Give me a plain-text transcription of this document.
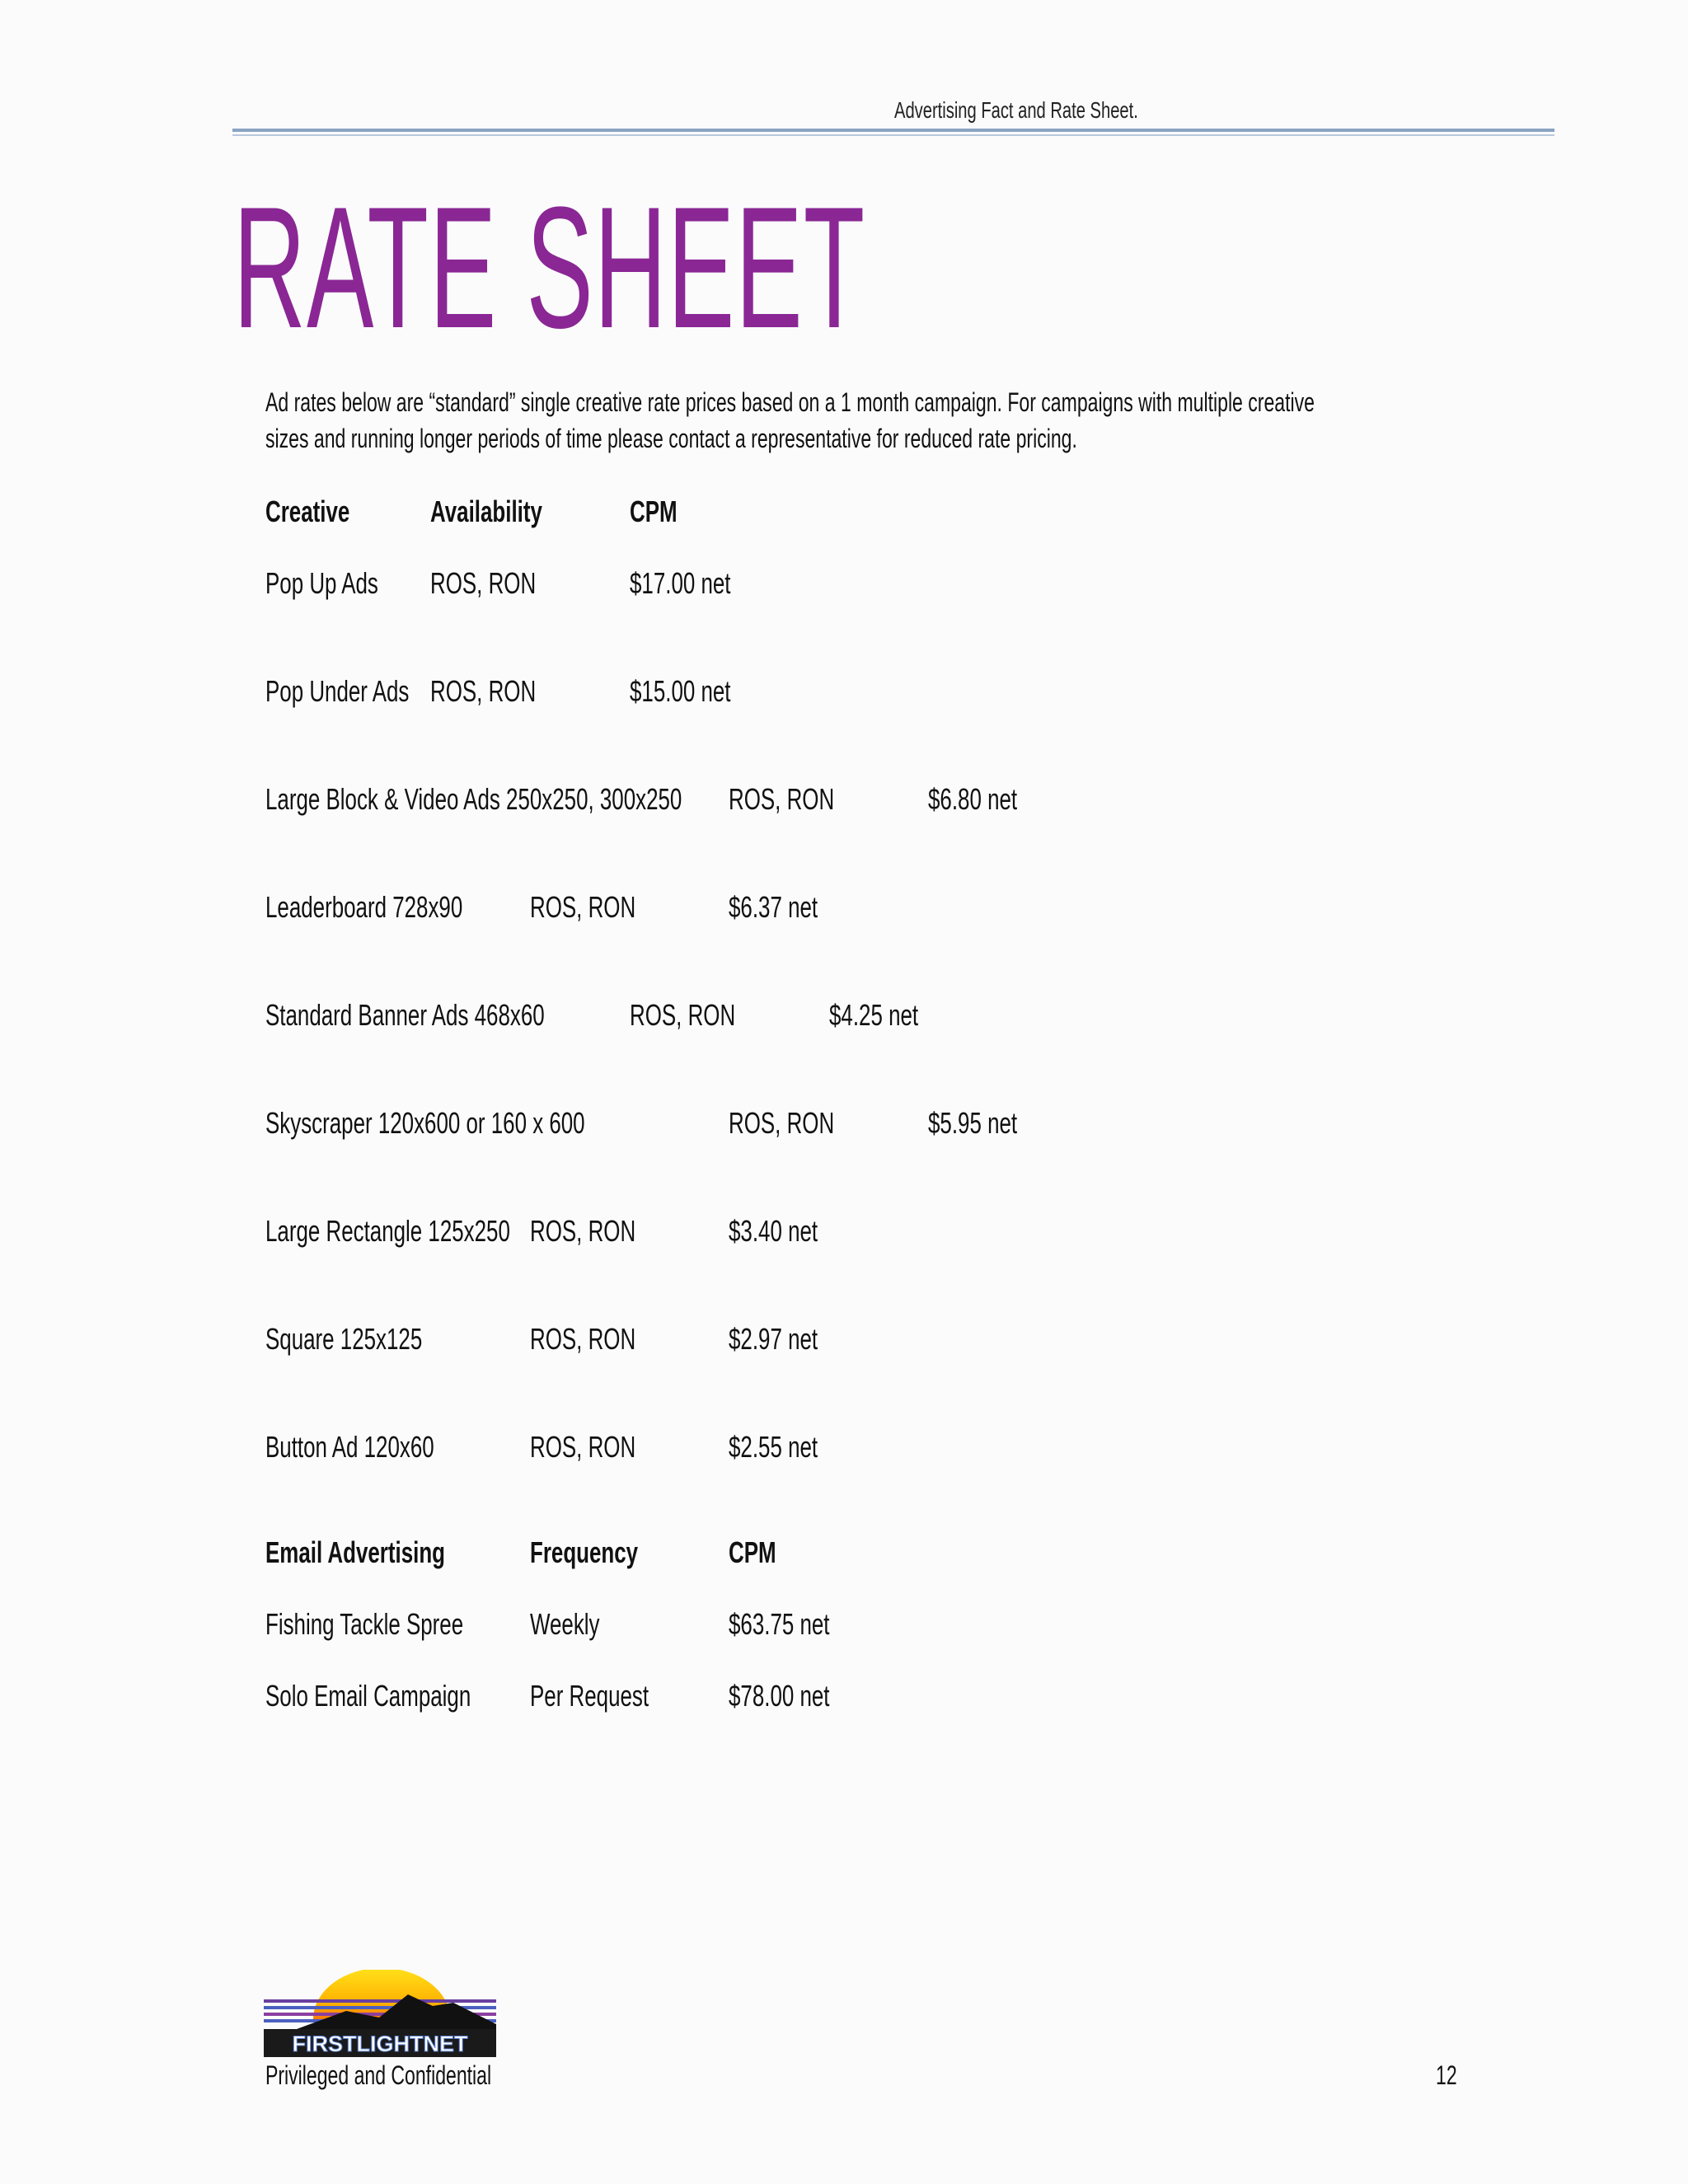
Advertising Fact and Rate Sheet.
RATE SHEET
Ad rates below are “standard” single creative rate prices based on a 1 month campaign. For campaigns with multiple creative
sizes and running longer periods of time please contact a representative for reduced rate pricing.
Creative	Availability	CPM
Pop Up Ads	ROS, RON	$17.00 net
Pop Under Ads ROS, RON	$15.00 net
Large Block & Video Ads 250x250, 300x250	ROS, RON	$6.80 net
Leaderboard 728x90	ROS, RON	$6.37 net
Standard Banner Ads 468x60	ROS, RON	$4.25 net
Skyscraper 120x600 or 160 x 600	ROS, RON	$5.95 net
Large Rectangle 125x250 ROS, RON	$3.40 net
Square 125x125	ROS, RON	$2.97 net
Button Ad 120x60	ROS, RON	$2.55 net
Email Advertising	Frequency	CPM
Fishing Tackle Spree	Weekly	$63.75 net
Solo Email Campaign	Per Request	$78.00 net
FIRSTLIGHTNET
Privileged and Confidential	12
